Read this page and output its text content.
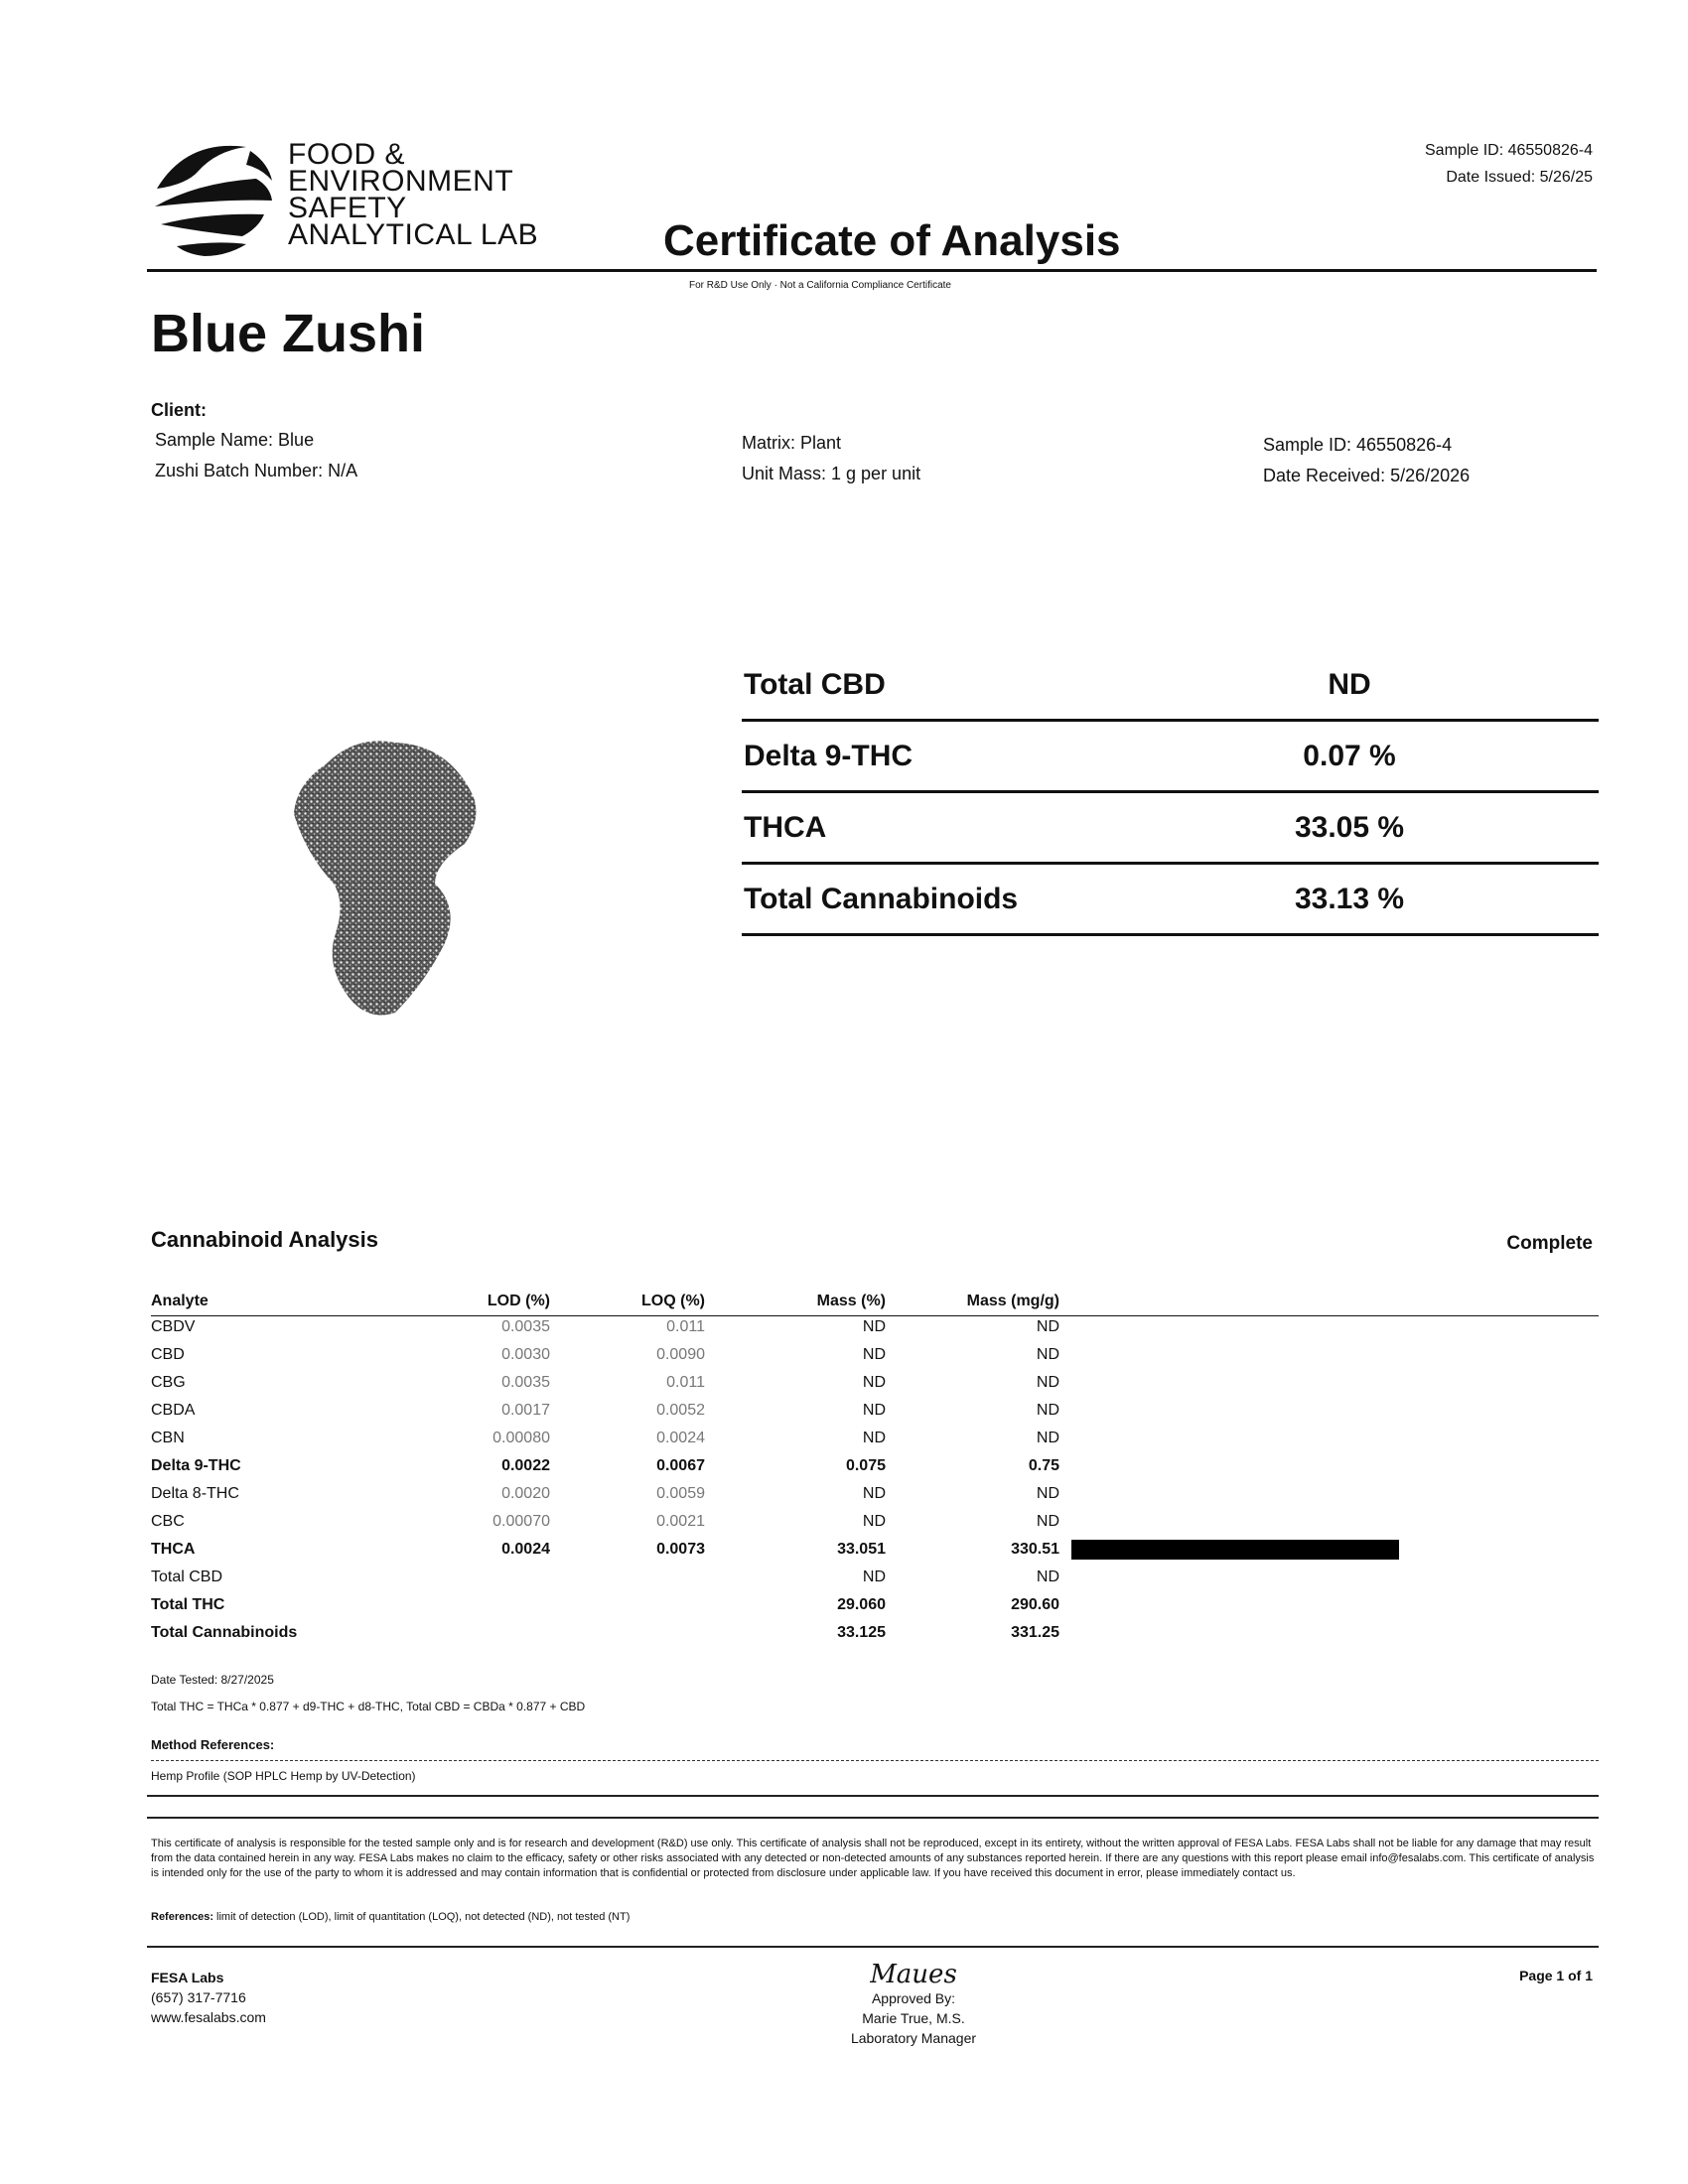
FOOD &
ENVIRONMENT
SAFETY
ANALYTICAL LAB	Certificate of Analysis
For R&D Use Only · Not a California Compliance Certificate
Sample ID: 46550826-4
Date Issued: 5/26/25
Blue Zushi
Client:
Sample Name: Blue
Zushi Batch Number: N/A
Matrix: Plant
Unit Mass: 1 g per unit
Sample ID: 46550826-4
Date Received: 5/26/2026
Total CBD	ND
Delta 9-THC	0.07 %
THCA	33.05 %
Total Cannabinoids	33.13 %
Cannabinoid Analysis	Complete
Analyte	LOD (%)	LOQ (%)	Mass (%)	Mass (mg/g)	
CBDV	0.0035	0.011	ND	ND	
CBD	0.0030	0.0090	ND	ND	
CBG	0.0035	0.011	ND	ND	
CBDA	0.0017	0.0052	ND	ND	
CBN	0.00080	0.0024	ND	ND	
Delta 9-THC	0.0022	0.0067	0.075	0.75	
Delta 8-THC	0.0020	0.0059	ND	ND	
CBC	0.00070	0.0021	ND	ND	
THCA	0.0024	0.0073	33.051	330.51	

Total CBD			ND	ND	
Total THC			29.060	290.60	
Total Cannabinoids			33.125	331.25	
Date Tested: 8/27/2025
Total THC = THCa * 0.877 + d9-THC + d8-THC, Total CBD = CBDa * 0.877 + CBD
Method References:
Hemp Profile (SOP HPLC Hemp by UV-Detection)
This certificate of analysis is responsible for the tested sample only and is for research and development (R&D) use only. This certificate of analysis shall not be reproduced, except in its entirety, without the written approval of FESA Labs. FESA Labs shall not be liable for any damage that may result from the data contained herein in any way. FESA Labs makes no claim to the efficacy, safety or other risks associated with any detected or non-detected amounts of any substances reported herein. If there are any questions with this report please email info@fesalabs.com. This certificate of analysis is intended only for the use of the party to whom it is addressed and may contain information that is confidential or protected from disclosure under applicable law. If you have received this document in error, please immediately contact us.
References: limit of detection (LOD), limit of quantitation (LOQ), not detected (ND), not tested (NT)
FESA Labs
(657) 317-7716
www.fesalabs.com
Maues
Approved By:
Marie True, M.S.
Laboratory Manager
Page 1 of 1
